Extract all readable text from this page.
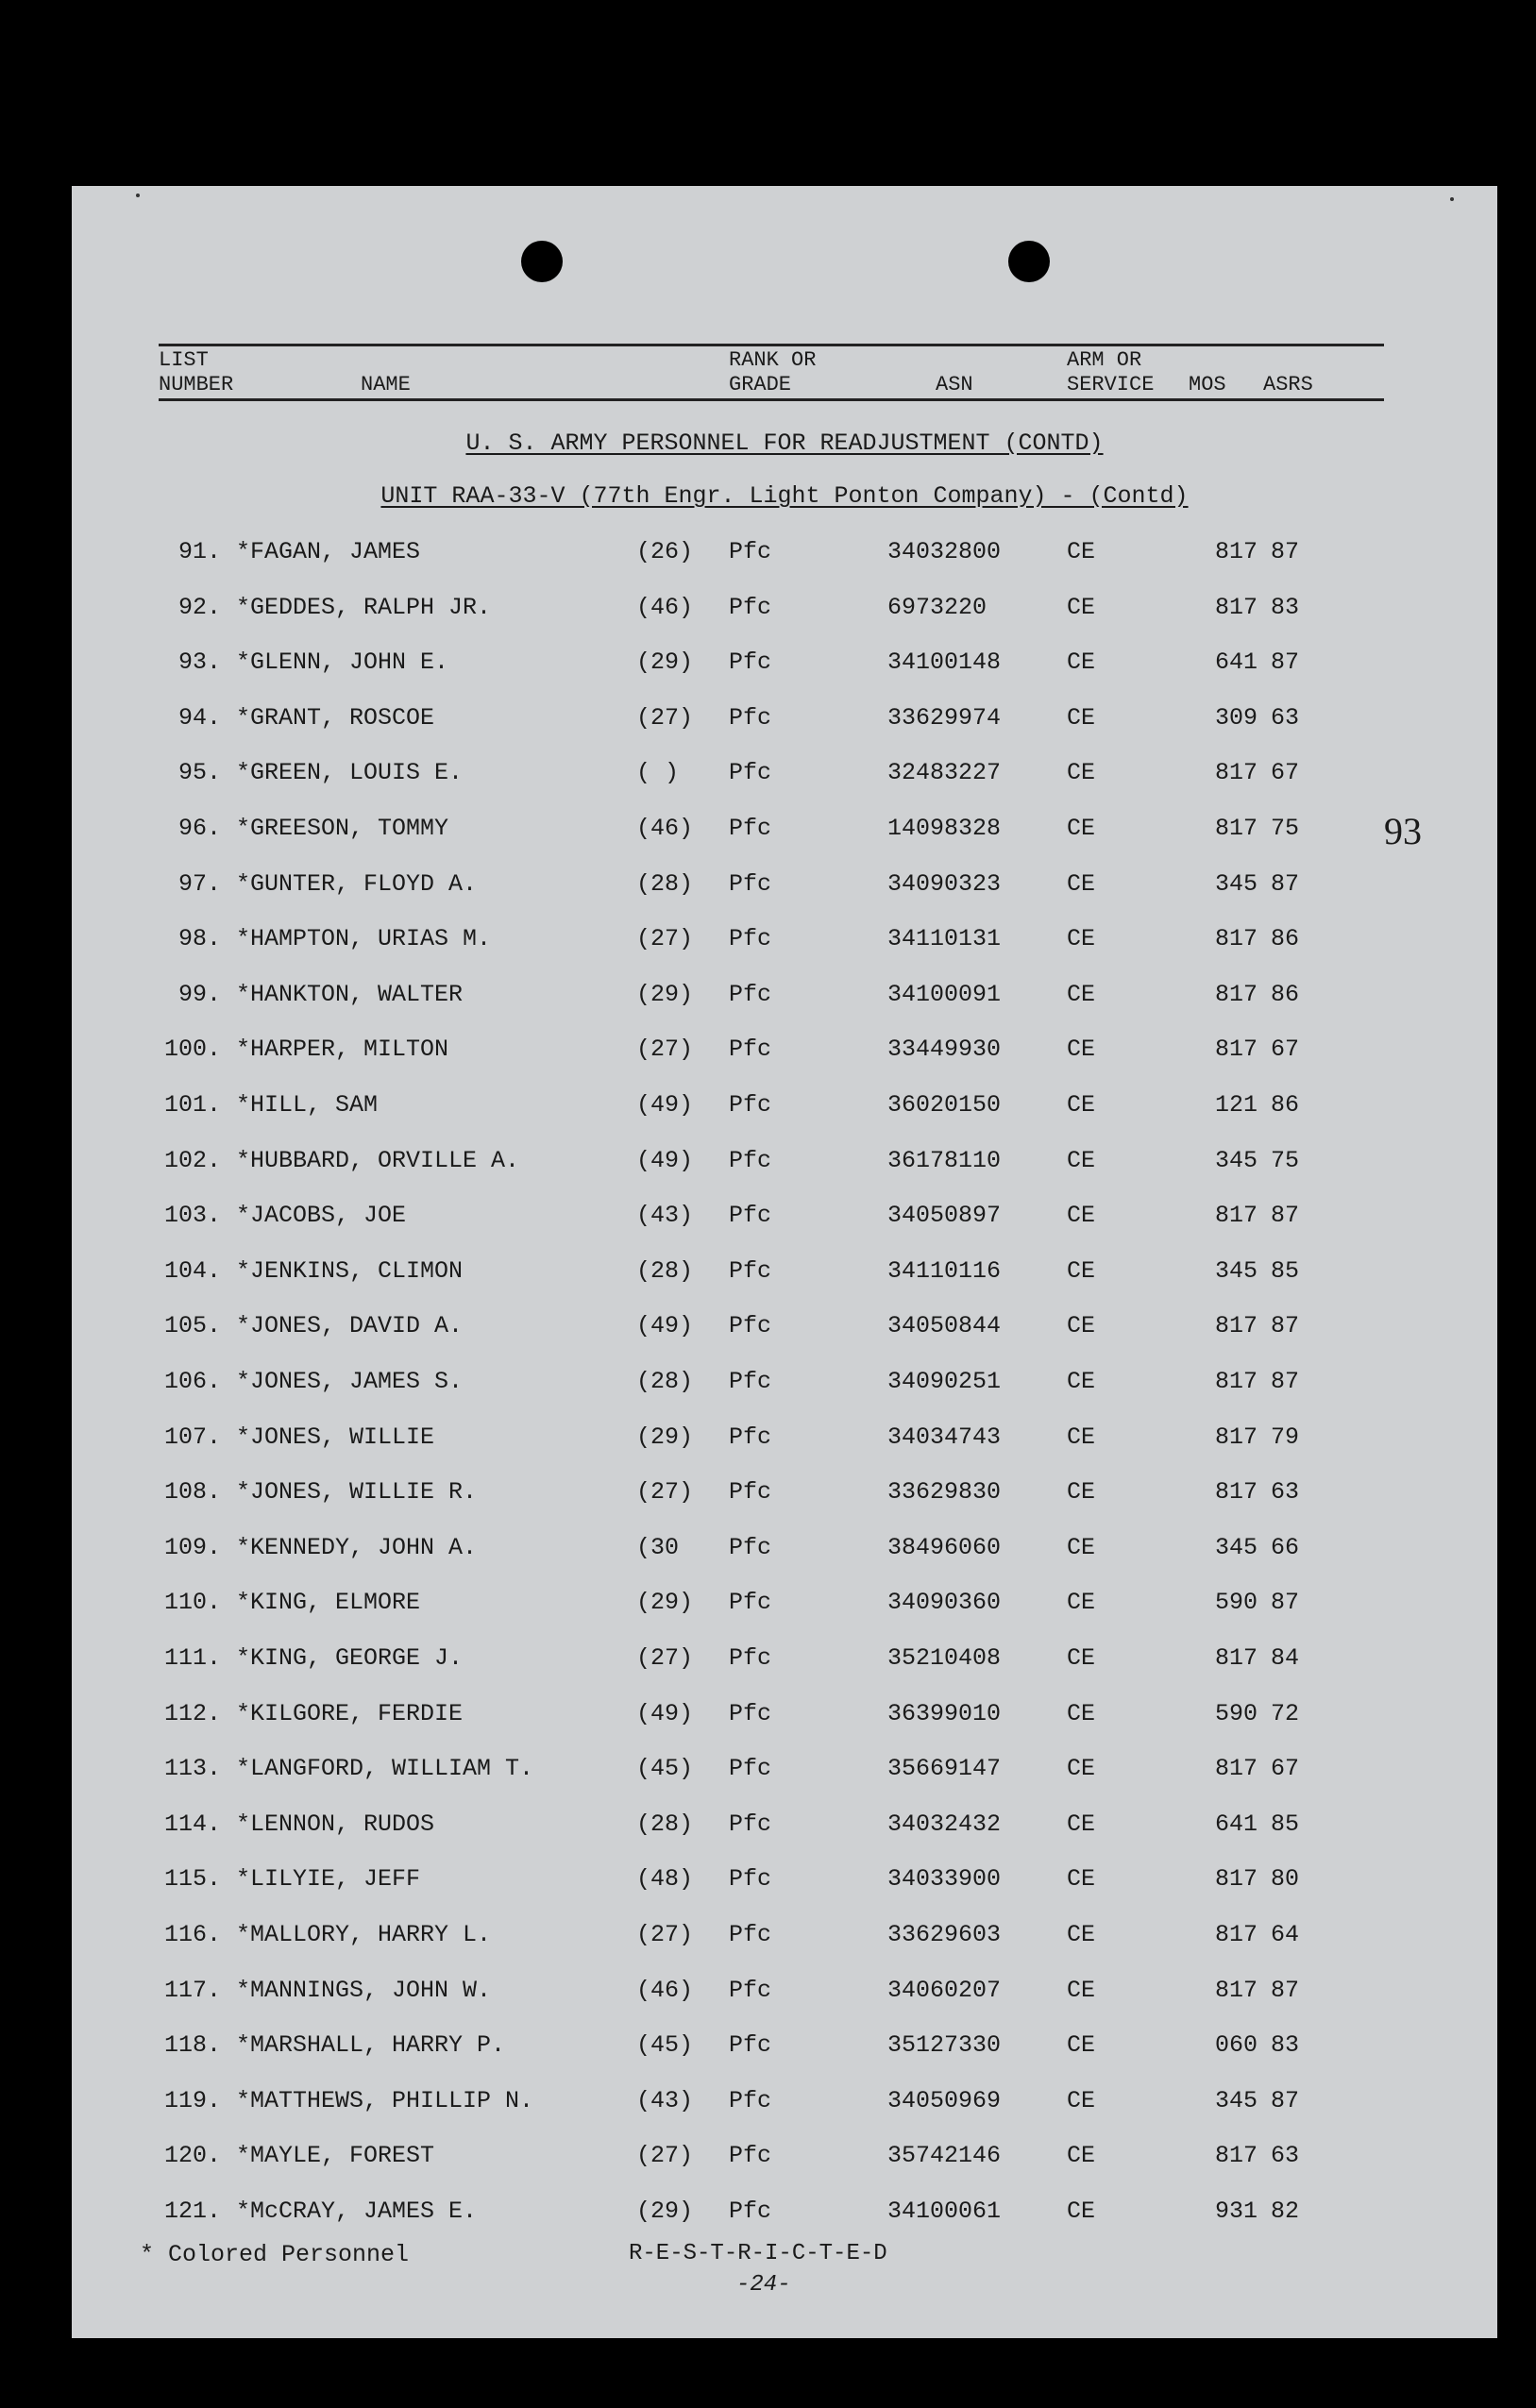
LIST
NUMBER	NAME
RANK OR
GRADE	ASN
ARM OR
SERVICE MOS ASRS
U. S. ARMY PERSONNEL FOR READJUSTMENT (CONTD)
UNIT RAA-33-V (77th Engr. Light Ponton Company) - (Contd)
91. *FAGAN, JAMES	(26) Pfc	34032800	CE	817 87
92. *GEDDES, RALPH JR.	(46) Pfc	6973220	CE	817 83
93. *GLENN, JOHN E.	(29) Pfc	34100148	CE	641 87
94. *GRANT, ROSCOE	(27) Pfc	33629974	CE	309 63
95. *GREEN, LOUIS E.	( ) Pfc	32483227	CE	817 67
96. *GREESON, TOMMY	(46) Pfc	14098328	CE	817 75
97. *GUNTER, FLOYD A.	(28) Pfc	34090323	CE	345 87
98. *HAMPTON, URIAS M.	(27) Pfc	34110131	CE	817 86
99. *HANKTON, WALTER	(29) Pfc	34100091	CE	817 86
100. *HARPER, MILTON	(27) Pfc	33449930	CE	817 67
101. *HILL, SAM	(49) Pfc	36020150	CE	121 86
102. *HUBBARD, ORVILLE A.	(49) Pfc	36178110	CE	345 75
103. *JACOBS, JOE	(43) Pfc	34050897	CE	817 87
104. *JENKINS, CLIMON	(28) Pfc	34110116	CE	345 85
105. *JONES, DAVID A.	(49) Pfc	34050844	CE	817 87
106. *JONES, JAMES S.	(28) Pfc	34090251	CE	817 87
107. *JONES, WILLIE	(29) Pfc	34034743	CE	817 79
108. *JONES, WILLIE R.	(27) Pfc	33629830	CE	817 63
109. *KENNEDY, JOHN A.	(30 Pfc	38496060	CE	345 66
110. *KING, ELMORE	(29) Pfc	34090360	CE	590 87
111. *KING, GEORGE J.	(27) Pfc	35210408	CE	817 84
112. *KILGORE, FERDIE	(49) Pfc	36399010	CE	590 72
113. *LANGFORD, WILLIAM T.	(45) Pfc	35669147	CE	817 67
114. *LENNON, RUDOS	(28) Pfc	34032432	CE	641 85
115. *LILYIE, JEFF	(48) Pfc	34033900	CE	817 80
116. *MALLORY, HARRY L.	(27) Pfc	33629603	CE	817 64
117. *MANNINGS, JOHN W.	(46) Pfc	34060207	CE	817 87
118. *MARSHALL, HARRY P.	(45) Pfc	35127330	CE	060 83
119. *MATTHEWS, PHILLIP N.	(43) Pfc	34050969	CE	345 87
120. *MAYLE, FOREST	(27) Pfc	35742146	CE	817 63
121. *McCRAY, JAMES E.	(29) Pfc	34100061	CE	931 82
93
* Colored Personnel	R-E-S-T-R-I-C-T-E-D
-24-
